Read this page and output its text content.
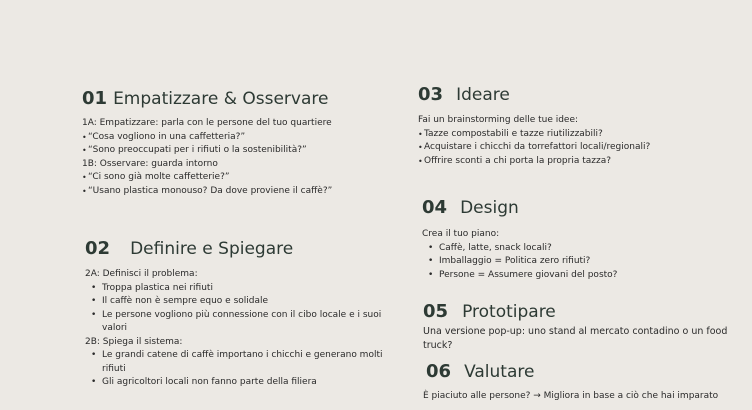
01 Empatizzare & Osservare
1A: Empatizzare: parla con le persone del tuo quartiere
• “Cosa vogliono in una caffetteria?”
• “Sono preoccupati per i rifiuti o la sostenibilità?”
1B: Osservare: guarda intorno
• “Ci sono già molte caffetterie?”
• “Usano plastica monouso? Da dove proviene il caffè?”
02 Definire e Spiegare
2A: Definisci il problema:
• Troppa plastica nei rifiuti
• Il caffè non è sempre equo e solidale
• Le persone vogliono più connessione con il cibo locale e i suoi valori
2B: Spiega il sistema:
• Le grandi catene di caffè importano i chicchi e generano molti rifiuti
• Gli agricoltori locali non fanno parte della filiera
03 Ideare
Fai un brainstorming delle tue idee:
• Tazze compostabili e tazze riutilizzabili?
• Acquistare i chicchi da torrefattori locali/regionali?
• Offrire sconti a chi porta la propria tazza?
04 Design
Crea il tuo piano:
• Caffè, latte, snack locali?
• Imballaggio = Politica zero rifiuti?
• Persone = Assumere giovani del posto?
05 Prototipare
Una versione pop-up: uno stand al mercato contadino o un food truck?
06 Valutare
È piaciuto alle persone? → Migliora in base a ciò che hai imparato
